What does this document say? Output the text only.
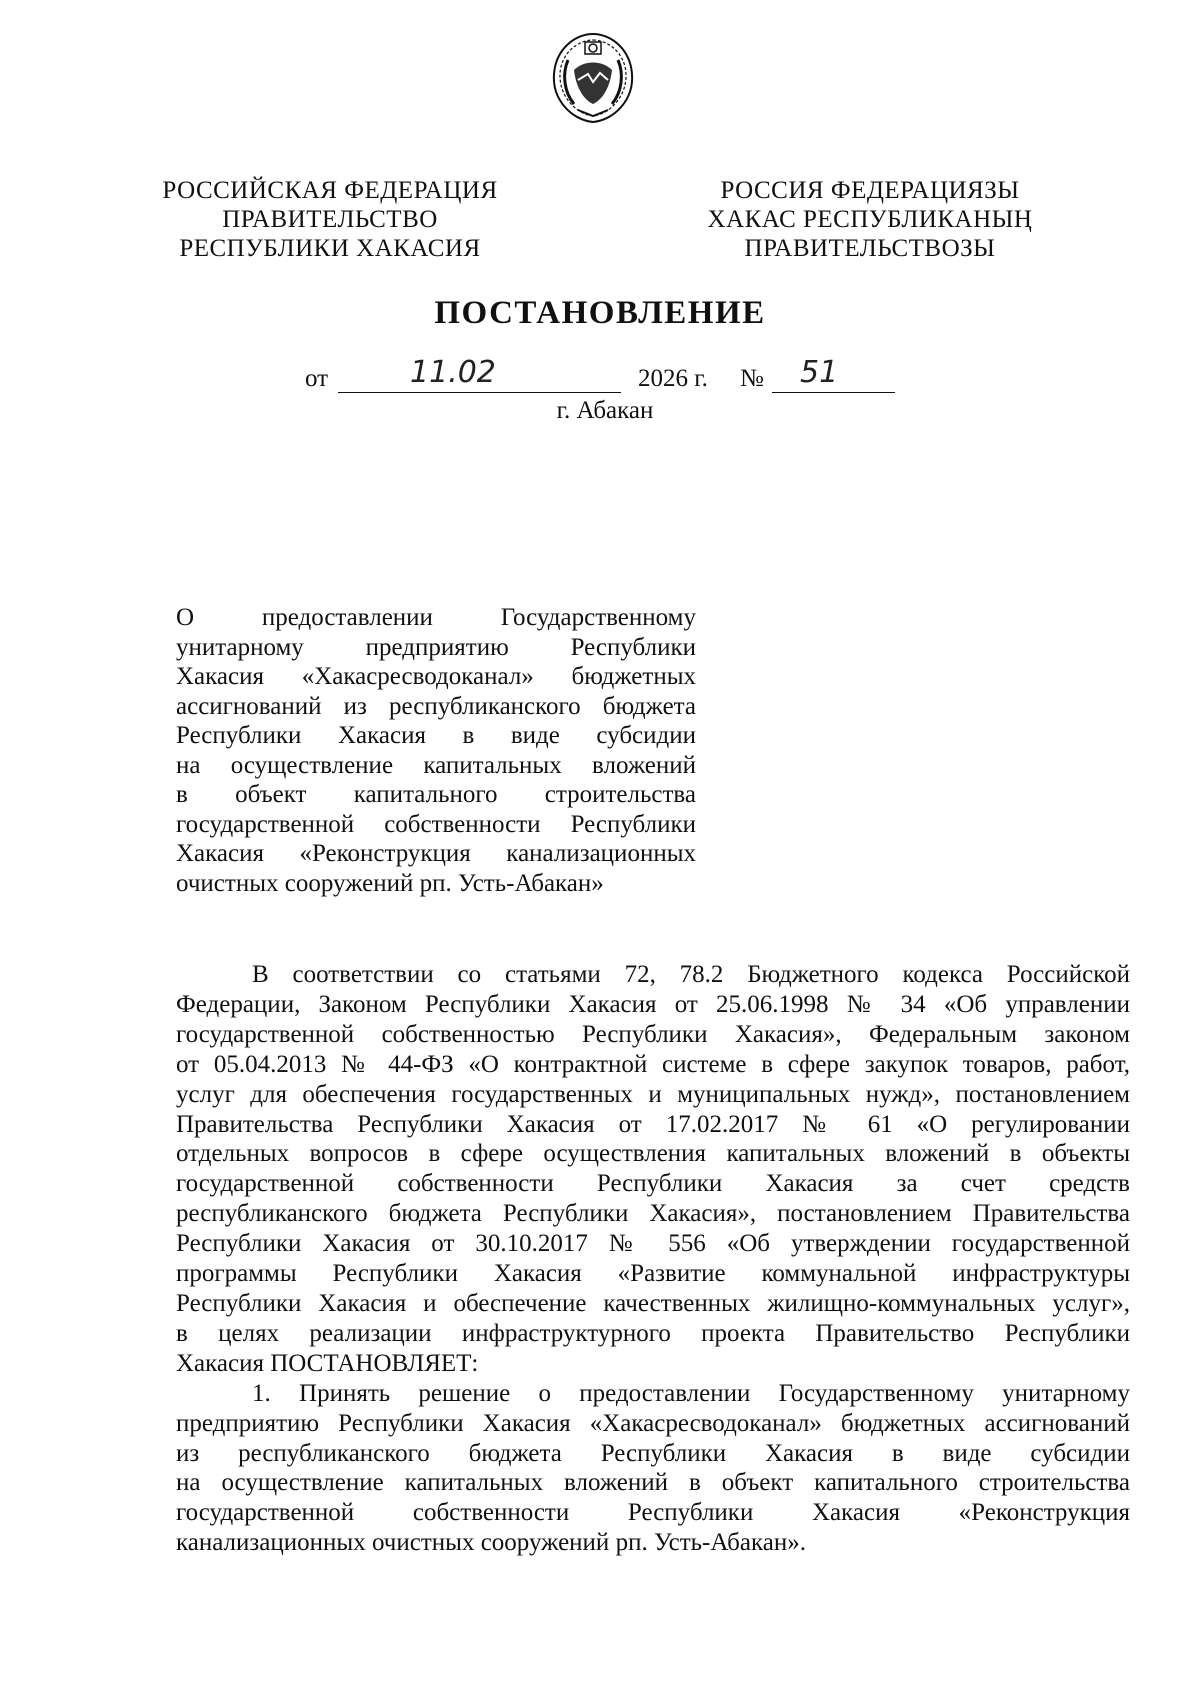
РОССИЙСКАЯ ФЕДЕРАЦИЯ
ПРАВИТЕЛЬСТВО
РЕСПУБЛИКИ ХАКАСИЯ
РОССИЯ ФЕДЕРАЦИЯЗЫ
ХАКАС РЕСПУБЛИКАНЫҢ
ПРАВИТЕЛЬСТВОЗЫ
ПОСТАНОВЛЕНИЕ
от	11.02	2026 г. № 51
г. Абакан

О предоставлении Государственному

унитарному предприятию Республики

Хакасия «Хакасресводоканал» бюджетных

ассигнований из республиканского бюджета

Республики Хакасия в виде субсидии

на осуществление капитальных вложений

в объект капитального строительства

государственной собственности Республики

Хакасия «Реконструкция канализационных

очистных сооружений рп. Усть-Абакан»

В соответствии со статьями 72, 78.2 Бюджетного кодекса Российской

Федерации, Законом Республики Хакасия от 25.06.1998 № 34 «Об управлении

государственной собственностью Республики Хакасия», Федеральным законом

от 05.04.2013 № 44-ФЗ «О контрактной системе в сфере закупок товаров, работ,

услуг для обеспечения государственных и муниципальных нужд», постановлением

Правительства Республики Хакасия от 17.02.2017 № 61 «О регулировании

отдельных вопросов в сфере осуществления капитальных вложений в объекты

государственной собственности Республики Хакасия за счет средств

республиканского бюджета Республики Хакасия», постановлением Правительства

Республики Хакасия от 30.10.2017 № 556 «Об утверждении государственной

программы Республики Хакасия «Развитие коммунальной инфраструктуры

Республики Хакасия и обеспечение качественных жилищно-коммунальных услуг»,

в целях реализации инфраструктурного проекта Правительство Республики

Хакасия ПОСТАНОВЛЯЕТ:

1. Принять решение о предоставлении Государственному унитарному

предприятию Республики Хакасия «Хакасресводоканал» бюджетных ассигнований

из республиканского бюджета Республики Хакасия в виде субсидии

на осуществление капитальных вложений в объект капитального строительства

государственной собственности Республики Хакасия «Реконструкция

канализационных очистных сооружений рп. Усть-Абакан».
